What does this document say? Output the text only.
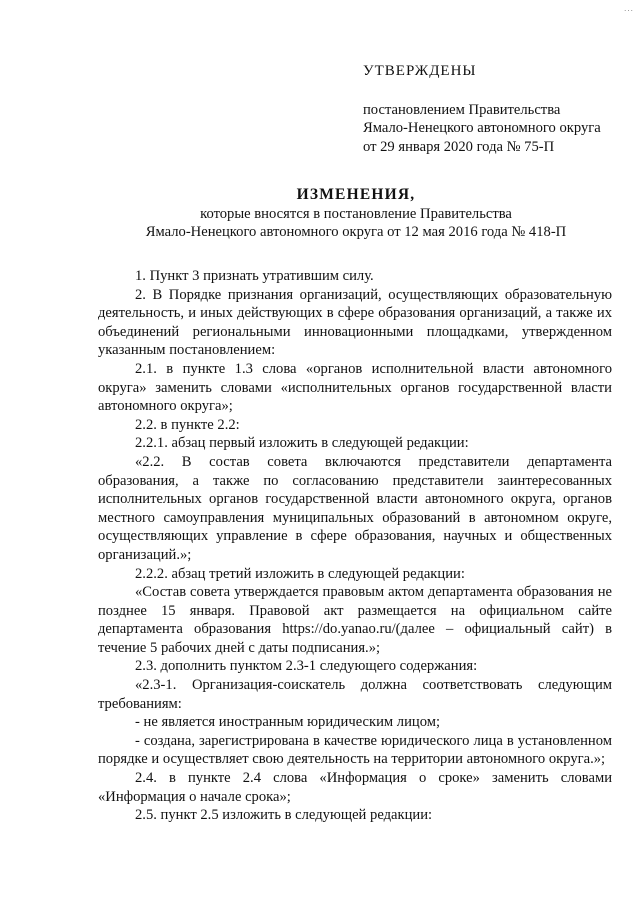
···
УТВЕРЖДЕНЫ
постановлением Правительства
Ямало-Ненецкого автономного округа
от 29 января 2020 года № 75-П
ИЗМЕНЕНИЯ,
которые вносятся в постановление Правительства
Ямало-Ненецкого автономного округа от 12 мая 2016 года № 418-П

1. Пункт 3 признать утратившим силу.

2. В Порядке признания организаций, осуществляющих образовательную деятельность, и иных действующих в сфере образования организаций, а также их объединений региональными инновационными площадками, утвержденном указанным постановлением:

2.1. в пункте 1.3 слова «органов исполнительной власти автономного округа» заменить словами «исполнительных органов государственной власти автономного округа»;

2.2. в пункте 2.2:

2.2.1. абзац первый изложить в следующей редакции:

«2.2. В состав совета включаются представители департамента образования, а также по согласованию представители заинтересованных исполнительных органов государственной власти автономного округа, органов местного самоуправления муниципальных образований в автономном округе, осуществляющих управление в сфере образования, научных и общественных организаций.»;

2.2.2. абзац третий изложить в следующей редакции:

«Состав совета утверждается правовым актом департамента образования не позднее 15 января. Правовой акт размещается на официальном сайте департамента образования https://do.yanao.ru/(далее – официальный сайт) в течение 5 рабочих дней с даты подписания.»;

2.3. дополнить пунктом 2.3-1 следующего содержания:

«2.3-1. Организация-соискатель должна соответствовать следующим требованиям:

- не является иностранным юридическим лицом;

- создана, зарегистрирована в качестве юридического лица в установленном порядке и осуществляет свою деятельность на территории автономного округа.»;

2.4. в пункте 2.4 слова «Информация о сроке» заменить словами «Информация о начале срока»;

2.5. пункт 2.5 изложить в следующей редакции:
